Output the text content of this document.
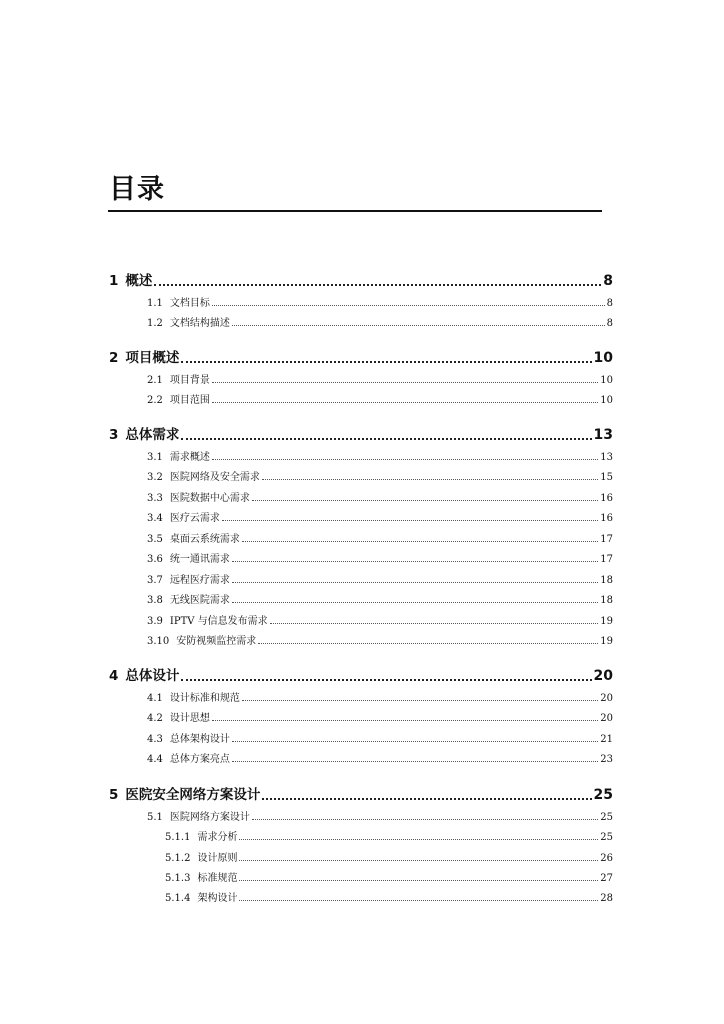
目录
1 概述	8
1.1 文档目标	8
1.2 文档结构描述	8
2 项目概述	10
2.1 项目背景	10
2.2 项目范围	10
3 总体需求	13
3.1 需求概述	13
3.2 医院网络及安全需求	15
3.3 医院数据中心需求	16
3.4 医疗云需求	16
3.5 桌面云系统需求	17
3.6 统一通讯需求	17
3.7 远程医疗需求	18
3.8 无线医院需求	18
3.9 IPTV 与信息发布需求	19
3.10 安防视频监控需求	19
4 总体设计	20
4.1 设计标准和规范	20
4.2 设计思想	20
4.3 总体架构设计	21
4.4 总体方案亮点	23
5 医院安全网络方案设计	25
5.1 医院网络方案设计	25
5.1.1 需求分析	25
5.1.2 设计原则	26
5.1.3 标准规范	27
5.1.4 架构设计	28
